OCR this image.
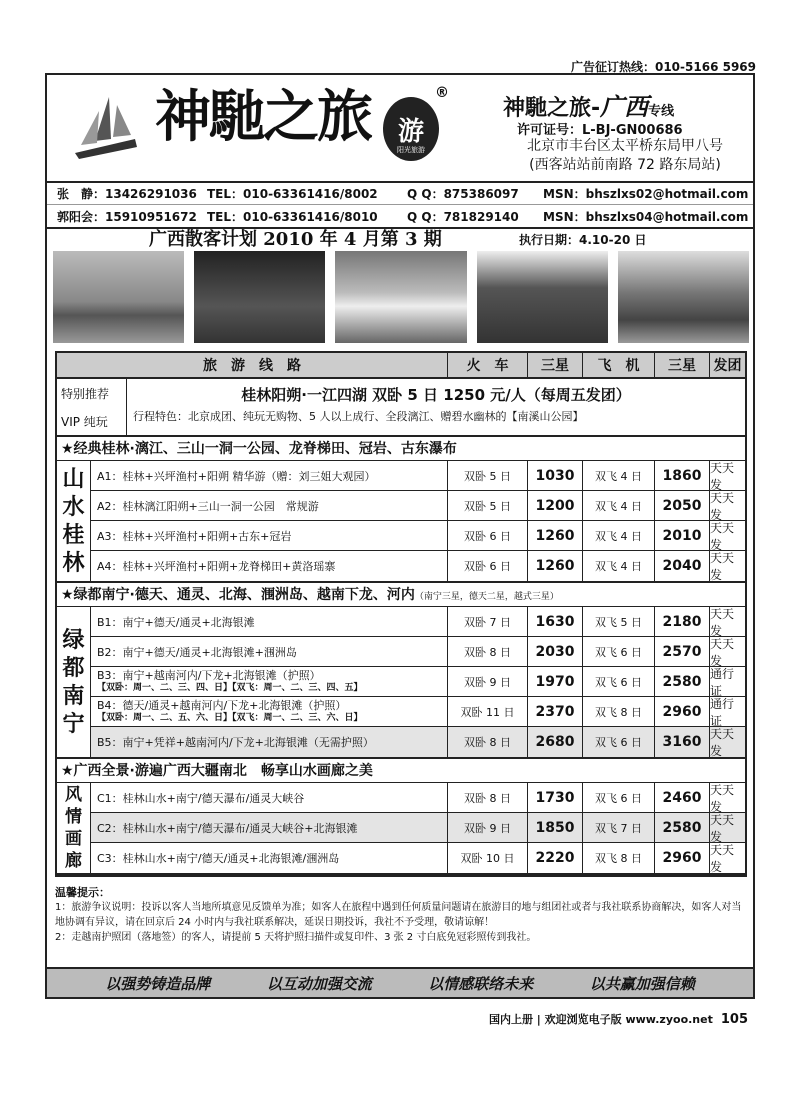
广告征订热线：010-5166 5969
神馳之旅 游
阳光旅游
®
神馳之旅-广西专线
许可证号：L-BJ-GN00686
北京市丰台区太平桥东局甲八号
(西客站站前南路 72 路东局站)
张　静：13426291036 TEL：010-63361416/8002	Q Q：875386097	MSN：bhszlxs02@hotmail.com
郭阳会：15910951672 TEL：010-63361416/8010	Q Q：781829140	MSN：bhszlxs04@hotmail.com
广西散客计划 2010 年 4 月第 3 期	执行日期：4.10-20 日
旅　游　线　路	火　车	三星	飞　机	三星	发团
特别推荐
VIP 纯玩
桂林阳朔·一江四湖 双卧 5 日 1250 元/人（每周五发团）
行程特色：北京成团、纯玩无购物、5 人以上成行、全段漓江、赠碧水幽林的【南溪山公园】
★经典桂林·漓江、三山一洞一公园、龙脊梯田、冠岩、古东瀑布
山
水
桂
林
A1：桂林+兴坪渔村+阳朔 精华游（赠：刘三姐大观园）	双卧 5 日	1030	双飞 4 日	1860 天天发
A2：桂林漓江阳朔+三山一洞一公园　常规游	双卧 5 日	1200	双飞 4 日	2050 天天发
A3：桂林+兴坪渔村+阳朔+古东+冠岩	双卧 6 日	1260	双飞 4 日	2010 天天发
A4：桂林+兴坪渔村+阳朔+龙脊梯田+黄洛瑶寨	双卧 6 日	1260	双飞 4 日	2040 天天发
★绿都南宁·德天、通灵、北海、涠洲岛、越南下龙、河内（南宁三星，德天二星，越式三星）
绿
都
南
宁
B1：南宁+德天/通灵+北海银滩	双卧 7 日	1630	双飞 5 日	2180 天天发
B2：南宁+德天/通灵+北海银滩+涠洲岛	双卧 8 日	2030	双飞 6 日	2570 天天发
B3：南宁+越南河内/下龙+北海银滩（护照）
【双卧：周一、二、三、四、日】【双飞：周一、二、三、四、五】	双卧 9 日	1970	双飞 6 日	2580 通行证
B4：德天/通灵+越南河内/下龙+北海银滩（护照）
【双卧：周一、二、五、六、日】【双飞：周一、二、三、六、日】	双卧 11 日	2370	双飞 8 日	2960 通行证
B5：南宁+凭祥+越南河内/下龙+北海银滩（无需护照）	双卧 8 日	2680	双飞 6 日	3160 天天发
★广西全景·游遍广西大疆南北　畅享山水画廊之美
风
情
画
廊
C1：桂林山水+南宁/德天瀑布/通灵大峡谷	双卧 8 日	1730	双飞 6 日	2460 天天发
C2：桂林山水+南宁/德天瀑布/通灵大峡谷+北海银滩	双卧 9 日	1850	双飞 7 日	2580 天天发
C3：桂林山水+南宁/德天/通灵+北海银滩/涠洲岛	双卧 10 日	2220	双飞 8 日	2960 天天发
温馨提示：
1：旅游争议说明：投诉以客人当地所填意见反馈单为准；如客人在旅程中遇到任何质量问题请在旅游目的地与组团社或者与我社联系协商解决，如客人对当地协调有异议，请在回京后 24 小时内与我社联系解决，延误日期投诉，我社不予受理，敬请谅解！
2：走越南护照团（落地签）的客人，请提前 5 天将护照扫描件或复印件、3 张 2 寸白底免冠彩照传到我社。
以强势铸造品牌	以互动加强交流	以情感联络未来	以共赢加强信赖
国内上册 | 欢迎浏览电子版 www.zyoo.net 105
